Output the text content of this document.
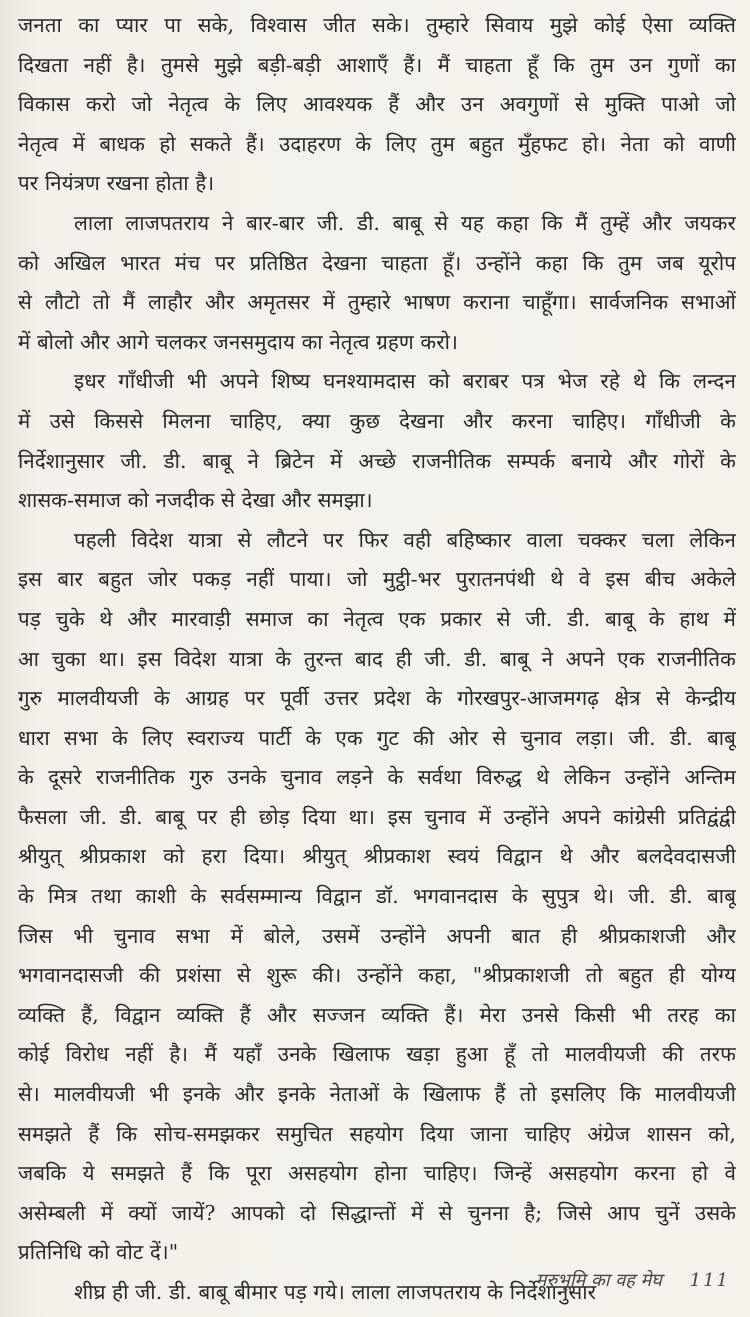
जनता का प्यार पा सके, विश्वास जीत सके। तुम्हारे सिवाय मुझे कोई ऐसा व्यक्ति
दिखता नहीं है। तुमसे मुझे बड़ी-बड़ी आशाएँ हैं। मैं चाहता हूँ कि तुम उन गुणों का
विकास करो जो नेतृत्व के लिए आवश्यक हैं और उन अवगुणों से मुक्ति पाओ जो
नेतृत्व में बाधक हो सकते हैं। उदाहरण के लिए तुम बहुत मुँहफट हो। नेता को वाणी
पर नियंत्रण रखना होता है।
लाला लाजपतराय ने बार-बार जी. डी. बाबू से यह कहा कि मैं तुम्हें और जयकर
को अखिल भारत मंच पर प्रतिष्ठित देखना चाहता हूँ। उन्होंने कहा कि तुम जब यूरोप
से लौटो तो मैं लाहौर और अमृतसर में तुम्हारे भाषण कराना चाहूँगा। सार्वजनिक सभाओं
में बोलो और आगे चलकर जनसमुदाय का नेतृत्व ग्रहण करो।
इधर गाँधीजी भी अपने शिष्य घनश्यामदास को बराबर पत्र भेज रहे थे कि लन्दन
में उसे किससे मिलना चाहिए, क्या कुछ देखना और करना चाहिए। गाँधीजी के
निर्देशानुसार जी. डी. बाबू ने ब्रिटेन में अच्छे राजनीतिक सम्पर्क बनाये और गोरों के
शासक-समाज को नजदीक से देखा और समझा।
पहली विदेश यात्रा से लौटने पर फिर वही बहिष्कार वाला चक्कर चला लेकिन
इस बार बहुत जोर पकड़ नहीं पाया। जो मुट्ठी-भर पुरातनपंथी थे वे इस बीच अकेले
पड़ चुके थे और मारवाड़ी समाज का नेतृत्व एक प्रकार से जी. डी. बाबू के हाथ में
आ चुका था। इस विदेश यात्रा के तुरन्त बाद ही जी. डी. बाबू ने अपने एक राजनीतिक
गुरु मालवीयजी के आग्रह पर पूर्वी उत्तर प्रदेश के गोरखपुर-आजमगढ़ क्षेत्र से केन्द्रीय
धारा सभा के लिए स्वराज्य पार्टी के एक गुट की ओर से चुनाव लड़ा। जी. डी. बाबू
के दूसरे राजनीतिक गुरु उनके चुनाव लड़ने के सर्वथा विरुद्ध थे लेकिन उन्होंने अन्तिम
फैसला जी. डी. बाबू पर ही छोड़ दिया था। इस चुनाव में उन्होंने अपने कांग्रेसी प्रतिद्वंद्वी
श्रीयुत् श्रीप्रकाश को हरा दिया। श्रीयुत् श्रीप्रकाश स्वयं विद्वान थे और बलदेवदासजी
के मित्र तथा काशी के सर्वसम्मान्य विद्वान डॉ. भगवानदास के सुपुत्र थे। जी. डी. बाबू
जिस भी चुनाव सभा में बोले, उसमें उन्होंने अपनी बात ही श्रीप्रकाशजी और
भगवानदासजी की प्रशंसा से शुरू की। उन्होंने कहा, "श्रीप्रकाशजी तो बहुत ही योग्य
व्यक्ति हैं, विद्वान व्यक्ति हैं और सज्जन व्यक्ति हैं। मेरा उनसे किसी भी तरह का
कोई विरोध नहीं है। मैं यहाँ उनके खिलाफ खड़ा हुआ हूँ तो मालवीयजी की तरफ
से। मालवीयजी भी इनके और इनके नेताओं के खिलाफ हैं तो इसलिए कि मालवीयजी
समझते हैं कि सोच-समझकर समुचित सहयोग दिया जाना चाहिए अंग्रेज शासन को,
जबकि ये समझते हैं कि पूरा असहयोग होना चाहिए। जिन्हें असहयोग करना हो वे
असेम्बली में क्यों जायें? आपको दो सिद्धान्तों में से चुनना है; जिसे आप चुनें उसके
प्रतिनिधि को वोट दें।"
शीघ्र ही जी. डी. बाबू बीमार पड़ गये। लाला लाजपतराय के निर्देशानुसार
मरुभूमि का वह मेघ 111
